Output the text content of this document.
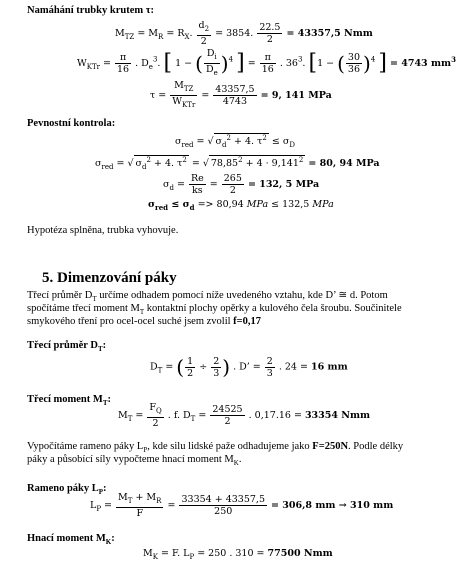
Namáhání trubky krutem τ:
$M_{TZ} = M_R = R_X$. $\frac{d_2}{2} = 3854$. $\frac{22.5}{2} = 43357,5$ Nmm
$W_{KTr} = \frac{\pi}{16}$ . $D_e^3$. [ 1 − ( $\frac{D_i}{D_e} )^4$ ] = $\frac{\pi}{16}$ . $36^3$. [1 − ( $\frac{30}{36} )^4$ ] = 4743 $mm^3$
$\tau = \frac{M_{TZ}}{W_{KTr}} = \frac{43357,5}{4743} = 9$, 141 MPa
Pevnostní kontrola:
$\sigma_{red}$ = √ $\sigma_d^2 + 4$. $\tau^2 \le \sigma_D$
$\sigma_{red}$ = √ $\sigma_d^2 + 4$. $\tau^2$ = √ $78,85^2 + 4 \cdot 9,141^2 = 80$, 94 MPa
$\sigma_d = \frac{Re}{ks} = \frac{265}{2} = 132$, 5 MPa
$\sigma_{red} \le \sigma_d => 80,94$ MPa ≤ 132,5 MPa
Hypotéza splněna, trubka vyhovuje.
5. Dimenzování páky
Třecí průměr $D_T$ určíme odhadem pomocí níže uvedeného vztahu, kde D’ ≅ d. Potom
spočítáme třecí moment $M_T$ kontaktní plochy opěrky a kulového čela šroubu. Součinitele
smykového tření pro ocel-ocel suché jsem zvolil f=0,17
Třecí průměr $D_T$:
$D_T$ = ( $\frac{1}{2} \div \frac{2}{3}$ ) . D’ = $\frac{2}{3}$ . 24 = 16 mm
Třecí moment $M_T$:
$M_T = \frac{F_Q}{2}$ . f. $D_T = \frac{24525}{2}$ . 0,17.16 = 33354 Nmm
Vypočítáme rameno páky $L_P$, kde silu lidské paže odhadujeme jako F=250N. Podle délky
páky a působící síly vypočteme hnací moment $M_K$.
Rameno páky $L_P$:
$L_P = \frac{M_T + M_R}{F} = \frac{33354 + 43357,5}{250} = 306,8$ mm → 310 mm
Hnací moment $M_K$:
$M_K = F$. $L_P = 250$ . 310 = 77500 Nmm
